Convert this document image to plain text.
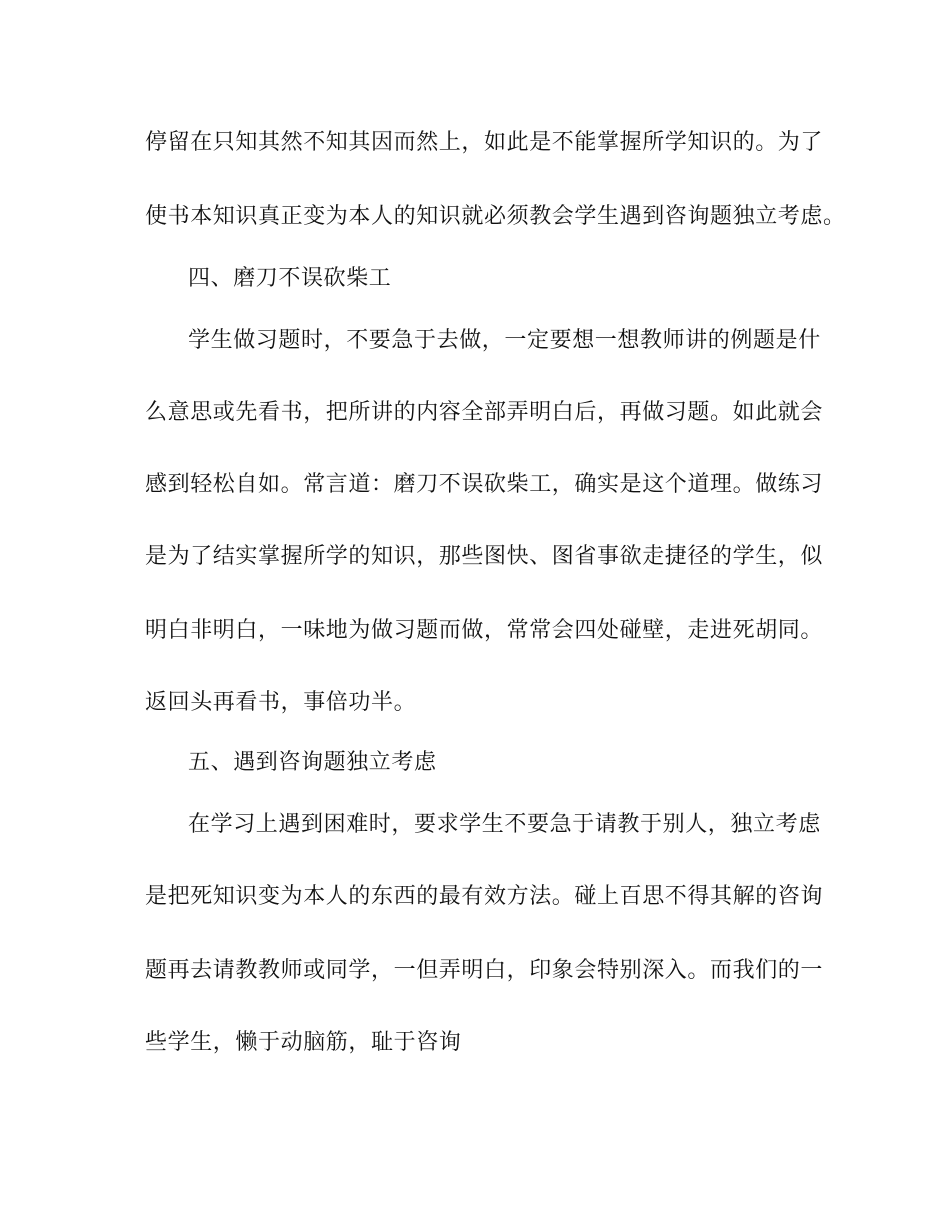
停留在只知其然不知其因而然上，如此是不能掌握所学知识的。为了
使书本知识真正变为本人的知识就必须教会学生遇到咨询题独立考虑。
四、磨刀不误砍柴工
学生做习题时，不要急于去做，一定要想一想教师讲的例题是什
么意思或先看书，把所讲的内容全部弄明白后，再做习题。如此就会
感到轻松自如。常言道：磨刀不误砍柴工，确实是这个道理。做练习
是为了结实掌握所学的知识，那些图快、图省事欲走捷径的学生，似
明白非明白，一味地为做习题而做，常常会四处碰壁，走进死胡同。
返回头再看书，事倍功半。
五、遇到咨询题独立考虑
在学习上遇到困难时，要求学生不要急于请教于别人，独立考虑
是把死知识变为本人的东西的最有效方法。碰上百思不得其解的咨询
题再去请教教师或同学，一但弄明白，印象会特别深入。而我们的一
些学生，懒于动脑筋，耻于咨询
